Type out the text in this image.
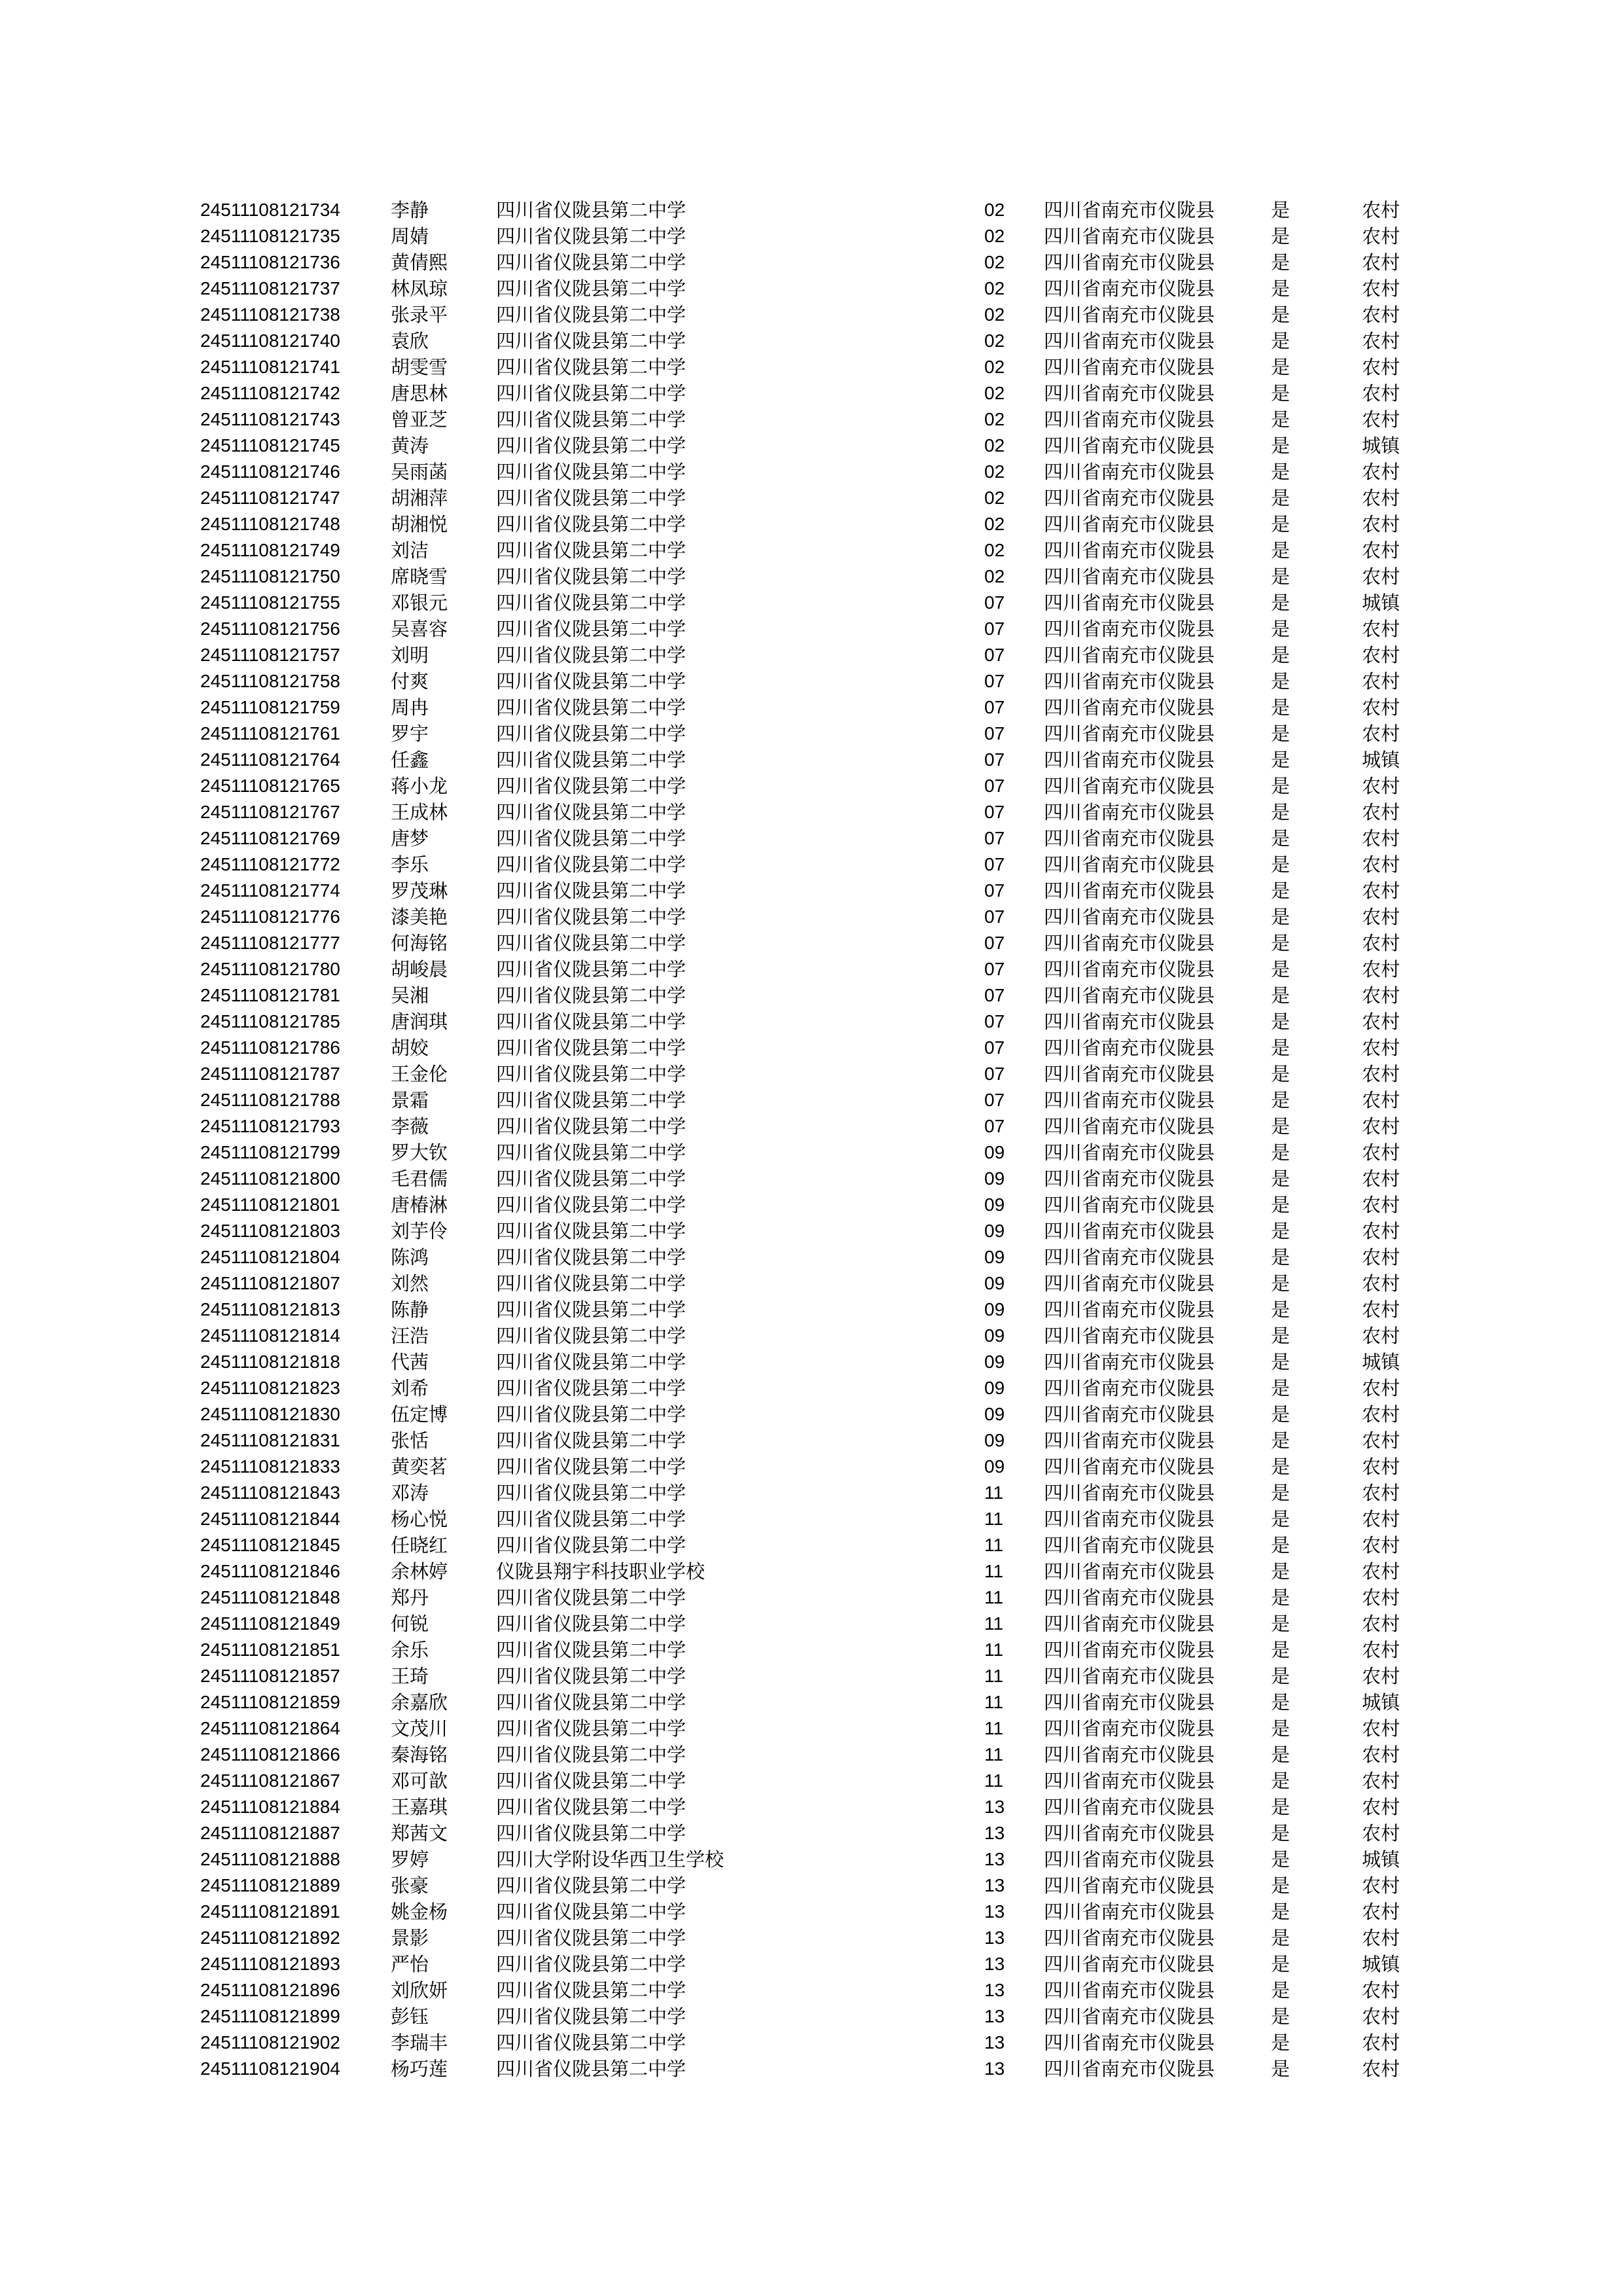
24511108121734	李静	四川省仪陇县第二中学	02 四川省南充市仪陇县	是	农村
24511108121735	周婧	四川省仪陇县第二中学	02 四川省南充市仪陇县	是	农村
24511108121736	黄倩熙	四川省仪陇县第二中学	02 四川省南充市仪陇县	是	农村
24511108121737	林凤琼	四川省仪陇县第二中学	02 四川省南充市仪陇县	是	农村
24511108121738	张录平	四川省仪陇县第二中学	02 四川省南充市仪陇县	是	农村
24511108121740	袁欣	四川省仪陇县第二中学	02 四川省南充市仪陇县	是	农村
24511108121741	胡雯雪	四川省仪陇县第二中学	02 四川省南充市仪陇县	是	农村
24511108121742	唐思林	四川省仪陇县第二中学	02 四川省南充市仪陇县	是	农村
24511108121743	曾亚芝	四川省仪陇县第二中学	02 四川省南充市仪陇县	是	农村
24511108121745	黄涛	四川省仪陇县第二中学	02 四川省南充市仪陇县	是	城镇
24511108121746	吴雨菡	四川省仪陇县第二中学	02 四川省南充市仪陇县	是	农村
24511108121747	胡湘萍	四川省仪陇县第二中学	02 四川省南充市仪陇县	是	农村
24511108121748	胡湘悦	四川省仪陇县第二中学	02 四川省南充市仪陇县	是	农村
24511108121749	刘洁	四川省仪陇县第二中学	02 四川省南充市仪陇县	是	农村
24511108121750	席晓雪	四川省仪陇县第二中学	02 四川省南充市仪陇县	是	农村
24511108121755	邓银元	四川省仪陇县第二中学	07 四川省南充市仪陇县	是	城镇
24511108121756	吴喜容	四川省仪陇县第二中学	07 四川省南充市仪陇县	是	农村
24511108121757	刘明	四川省仪陇县第二中学	07 四川省南充市仪陇县	是	农村
24511108121758	付爽	四川省仪陇县第二中学	07 四川省南充市仪陇县	是	农村
24511108121759	周冉	四川省仪陇县第二中学	07 四川省南充市仪陇县	是	农村
24511108121761	罗宇	四川省仪陇县第二中学	07 四川省南充市仪陇县	是	农村
24511108121764	任鑫	四川省仪陇县第二中学	07 四川省南充市仪陇县	是	城镇
24511108121765	蒋小龙	四川省仪陇县第二中学	07 四川省南充市仪陇县	是	农村
24511108121767	王成林	四川省仪陇县第二中学	07 四川省南充市仪陇县	是	农村
24511108121769	唐梦	四川省仪陇县第二中学	07 四川省南充市仪陇县	是	农村
24511108121772	李乐	四川省仪陇县第二中学	07 四川省南充市仪陇县	是	农村
24511108121774	罗茂琳	四川省仪陇县第二中学	07 四川省南充市仪陇县	是	农村
24511108121776	漆美艳	四川省仪陇县第二中学	07 四川省南充市仪陇县	是	农村
24511108121777	何海铭	四川省仪陇县第二中学	07 四川省南充市仪陇县	是	农村
24511108121780	胡峻晨	四川省仪陇县第二中学	07 四川省南充市仪陇县	是	农村
24511108121781	吴湘	四川省仪陇县第二中学	07 四川省南充市仪陇县	是	农村
24511108121785	唐润琪	四川省仪陇县第二中学	07 四川省南充市仪陇县	是	农村
24511108121786	胡姣	四川省仪陇县第二中学	07 四川省南充市仪陇县	是	农村
24511108121787	王金伦	四川省仪陇县第二中学	07 四川省南充市仪陇县	是	农村
24511108121788	景霜	四川省仪陇县第二中学	07 四川省南充市仪陇县	是	农村
24511108121793	李薇	四川省仪陇县第二中学	07 四川省南充市仪陇县	是	农村
24511108121799	罗大钦	四川省仪陇县第二中学	09 四川省南充市仪陇县	是	农村
24511108121800	毛君儒	四川省仪陇县第二中学	09 四川省南充市仪陇县	是	农村
24511108121801	唐椿淋	四川省仪陇县第二中学	09 四川省南充市仪陇县	是	农村
24511108121803	刘芋伶	四川省仪陇县第二中学	09 四川省南充市仪陇县	是	农村
24511108121804	陈鸿	四川省仪陇县第二中学	09 四川省南充市仪陇县	是	农村
24511108121807	刘然	四川省仪陇县第二中学	09 四川省南充市仪陇县	是	农村
24511108121813	陈静	四川省仪陇县第二中学	09 四川省南充市仪陇县	是	农村
24511108121814	汪浩	四川省仪陇县第二中学	09 四川省南充市仪陇县	是	农村
24511108121818	代茜	四川省仪陇县第二中学	09 四川省南充市仪陇县	是	城镇
24511108121823	刘希	四川省仪陇县第二中学	09 四川省南充市仪陇县	是	农村
24511108121830	伍定博	四川省仪陇县第二中学	09 四川省南充市仪陇县	是	农村
24511108121831	张恬	四川省仪陇县第二中学	09 四川省南充市仪陇县	是	农村
24511108121833	黄奕茗	四川省仪陇县第二中学	09 四川省南充市仪陇县	是	农村
24511108121843	邓涛	四川省仪陇县第二中学	11 四川省南充市仪陇县	是	农村
24511108121844	杨心悦	四川省仪陇县第二中学	11 四川省南充市仪陇县	是	农村
24511108121845	任晓红	四川省仪陇县第二中学	11 四川省南充市仪陇县	是	农村
24511108121846	余林婷	仪陇县翔宇科技职业学校	11 四川省南充市仪陇县	是	农村
24511108121848	郑丹	四川省仪陇县第二中学	11 四川省南充市仪陇县	是	农村
24511108121849	何锐	四川省仪陇县第二中学	11 四川省南充市仪陇县	是	农村
24511108121851	余乐	四川省仪陇县第二中学	11 四川省南充市仪陇县	是	农村
24511108121857	王琦	四川省仪陇县第二中学	11 四川省南充市仪陇县	是	农村
24511108121859	余嘉欣	四川省仪陇县第二中学	11 四川省南充市仪陇县	是	城镇
24511108121864	文茂川	四川省仪陇县第二中学	11 四川省南充市仪陇县	是	农村
24511108121866	秦海铭	四川省仪陇县第二中学	11 四川省南充市仪陇县	是	农村
24511108121867	邓可歆	四川省仪陇县第二中学	11 四川省南充市仪陇县	是	农村
24511108121884	王嘉琪	四川省仪陇县第二中学	13 四川省南充市仪陇县	是	农村
24511108121887	郑茜文	四川省仪陇县第二中学	13 四川省南充市仪陇县	是	农村
24511108121888	罗婷	四川大学附设华西卫生学校	13 四川省南充市仪陇县	是	城镇
24511108121889	张豪	四川省仪陇县第二中学	13 四川省南充市仪陇县	是	农村
24511108121891	姚金杨	四川省仪陇县第二中学	13 四川省南充市仪陇县	是	农村
24511108121892	景影	四川省仪陇县第二中学	13 四川省南充市仪陇县	是	农村
24511108121893	严怡	四川省仪陇县第二中学	13 四川省南充市仪陇县	是	城镇
24511108121896	刘欣妍	四川省仪陇县第二中学	13 四川省南充市仪陇县	是	农村
24511108121899	彭钰	四川省仪陇县第二中学	13 四川省南充市仪陇县	是	农村
24511108121902	李瑞丰	四川省仪陇县第二中学	13 四川省南充市仪陇县	是	农村
24511108121904	杨巧莲	四川省仪陇县第二中学	13 四川省南充市仪陇县	是	农村
